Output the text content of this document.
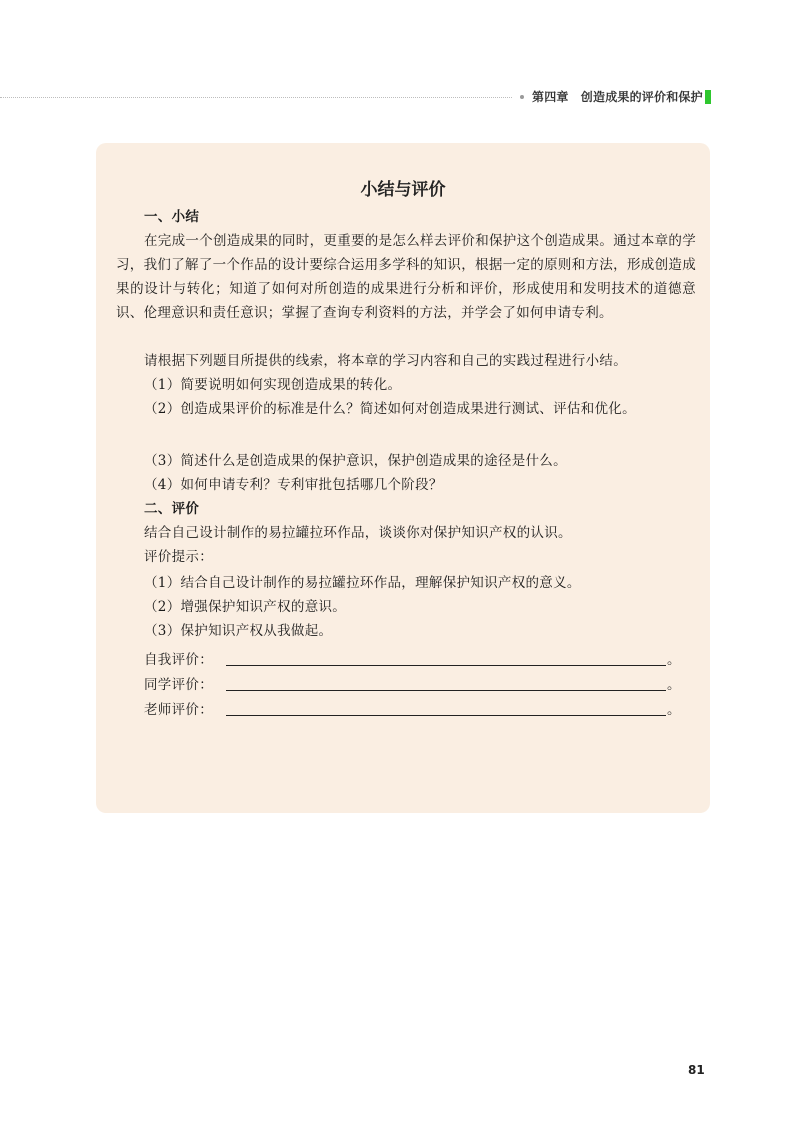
第四章　创造成果的评价和保护
小结与评价

一、小结

在完成一个创造成果的同时，更重要的是怎么样去评价和保护这个创造成果。通过本章的学习，我们了解了一个作品的设计要综合运用多学科的知识，根据一定的原则和方法，形成创造成果的设计与转化；知道了如何对所创造的成果进行分析和评价，形成使用和发明技术的道德意识、伦理意识和责任意识；掌握了查询专利资料的方法，并学会了如何申请专利。

请根据下列题目所提供的线索，将本章的学习内容和自己的实践过程进行小结。

（1）简要说明如何实现创造成果的转化。

（2）创造成果评价的标准是什么？简述如何对创造成果进行测试、评估和优化。

（3）简述什么是创造成果的保护意识，保护创造成果的途径是什么。

（4）如何申请专利？专利审批包括哪几个阶段？

二、评价

结合自己设计制作的易拉罐拉环作品，谈谈你对保护知识产权的认识。

评价提示：

（1）结合自己设计制作的易拉罐拉环作品，理解保护知识产权的意义。

（2）增强保护知识产权的意识。

（3）保护知识产权从我做起。

自我评价：	。
同学评价：	。
老师评价：	。
81
